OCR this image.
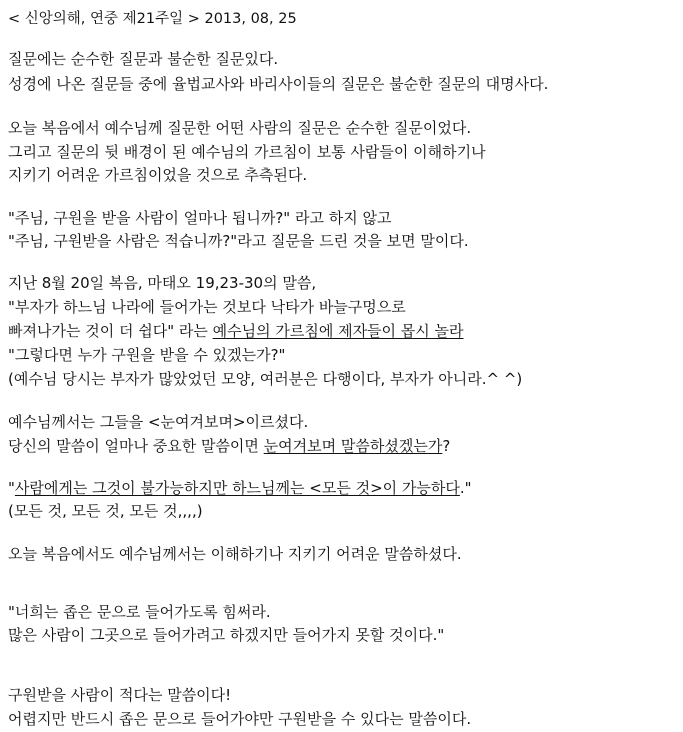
< 신앙의해, 연중 제21주일 > 2013, 08, 25
질문에는 순수한 질문과 불순한 질문있다.
성경에 나온 질문들 중에 율법교사와 바리사이들의 질문은 불순한 질문의 대명사다.
오늘 복음에서 예수님께 질문한 어떤 사람의 질문은 순수한 질문이었다.
그리고 질문의 뒷 배경이 된 예수님의 가르침이 보통 사람들이 이해하기나
지키기 어려운 가르침이었을 것으로 추측된다.
"주님, 구원을 받을 사람이 얼마나 됩니까?" 라고 하지 않고
"주님, 구원받을 사람은 적습니까?"라고 질문을 드린 것을 보면 말이다.
지난 8월 20일 복음, 마태오 19,23-30의 말씀,
"부자가 하느님 나라에 들어가는 것보다 낙타가 바늘구멍으로
빠져나가는 것이 더 쉽다" 라는 예수님의 가르침에 제자들이 몹시 놀라
"그렇다면 누가 구원을 받을 수 있겠는가?"
(예수님 당시는 부자가 많았었던 모양, 여러분은 다행이다, 부자가 아니라.^ ^)
예수님께서는 그들을 <눈여겨보며>이르셨다.
당신의 말씀이 얼마나 중요한 말씀이면 눈여겨보며 말씀하셨겠는가?
"사람에게는 그것이 불가능하지만 하느님께는 <모든 것>이 가능하다."
(모든 것, 모든 것, 모든 것,,,,)
오늘 복음에서도 예수님께서는 이해하기나 지키기 어려운 말씀하셨다.
"너희는 좁은 문으로 들어가도록 힘써라.
많은 사람이 그곳으로 들어가려고 하겠지만 들어가지 못할 것이다."
구원받을 사람이 적다는 말씀이다!
어렵지만 반드시 좁은 문으로 들어가야만 구원받을 수 있다는 말씀이다.
